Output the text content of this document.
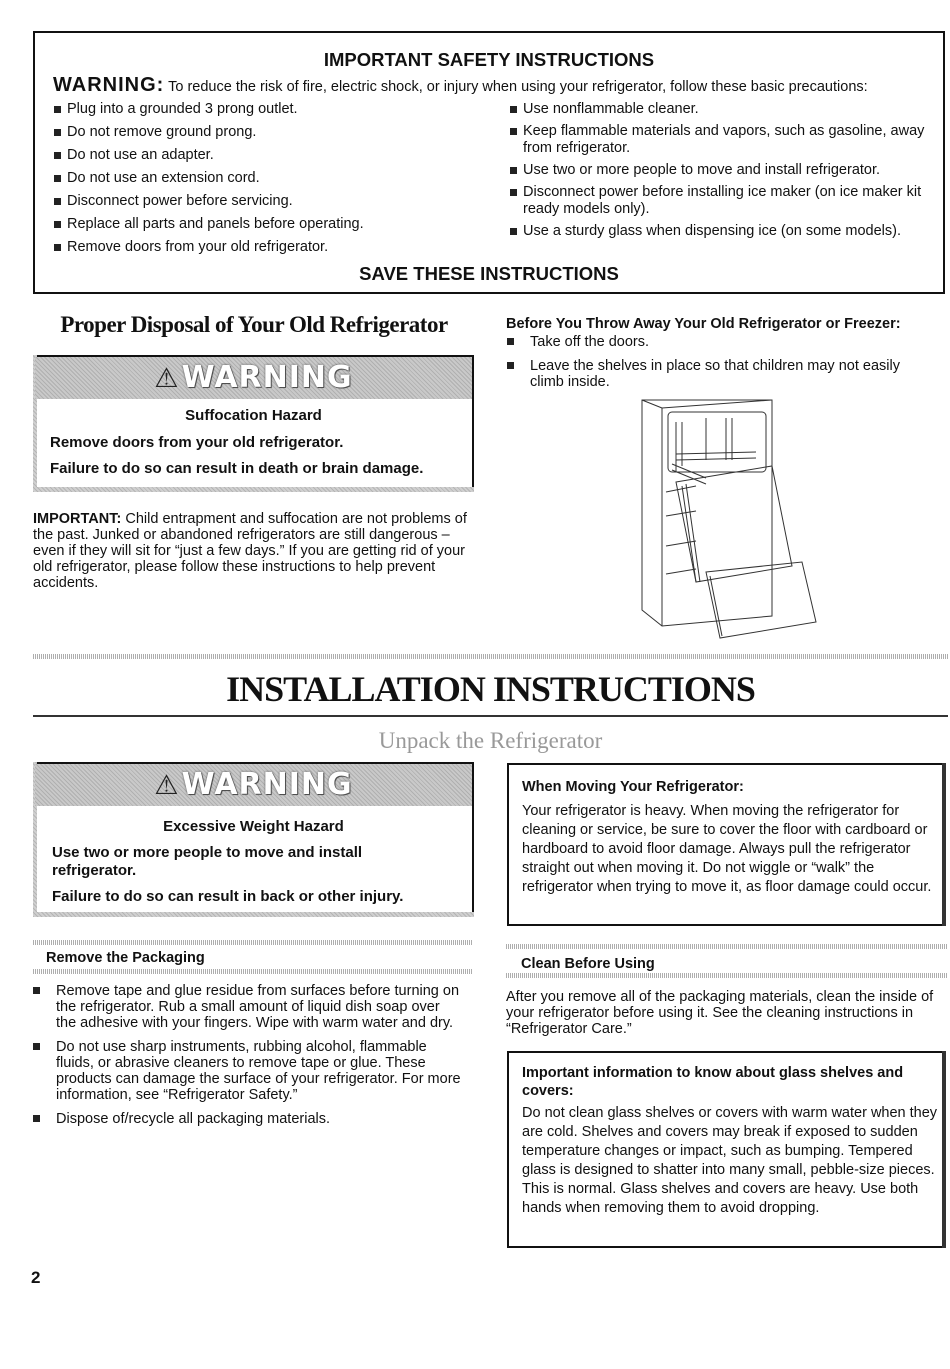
IMPORTANT SAFETY INSTRUCTIONS
WARNING: To reduce the risk of fire, electric shock, or injury when using your refrigerator, follow these basic precautions:
Plug into a grounded 3 prong outlet.
Do not remove ground prong.
Do not use an adapter.
Do not use an extension cord.
Disconnect power before servicing.
Replace all parts and panels before operating.
Remove doors from your old refrigerator.
Use nonflammable cleaner.
Keep flammable materials and vapors, such as gasoline, away from refrigerator.
Use two or more people to move and install refrigerator.
Disconnect power before installing ice maker (on ice maker kit ready models only).
Use a sturdy glass when dispensing ice (on some models).
SAVE THESE INSTRUCTIONS
Proper Disposal of Your Old Refrigerator
⚠WARNING
Suffocation Hazard
Remove doors from your old refrigerator.
Failure to do so can result in death or brain damage.
IMPORTANT: Child entrapment and suffocation are not problems of the past. Junked or abandoned refrigerators are still dangerous – even if they will sit for “just a few days.” If you are getting rid of your old refrigerator, please follow these instructions to help prevent accidents.
Before You Throw Away Your Old Refrigerator or Freezer:
Take off the doors.
Leave the shelves in place so that children may not easily climb inside.
INSTALLATION INSTRUCTIONS
Unpack the Refrigerator
⚠WARNING
Excessive Weight Hazard
Use two or more people to move and install refrigerator.
Failure to do so can result in back or other injury.
When Moving Your Refrigerator:
Your refrigerator is heavy. When moving the refrigerator for cleaning or service, be sure to cover the floor with cardboard or hardboard to avoid floor damage. Always pull the refrigerator straight out when moving it. Do not wiggle or “walk” the refrigerator when trying to move it, as floor damage could occur.
Remove the Packaging
Remove tape and glue residue from surfaces before turning on the refrigerator. Rub a small amount of liquid dish soap over the adhesive with your fingers. Wipe with warm water and dry.
Do not use sharp instruments, rubbing alcohol, flammable fluids, or abrasive cleaners to remove tape or glue. These products can damage the surface of your refrigerator. For more information, see “Refrigerator Safety.”
Dispose of/recycle all packaging materials.
Clean Before Using
After you remove all of the packaging materials, clean the inside of your refrigerator before using it. See the cleaning instructions in “Refrigerator Care.”
Important information to know about glass shelves and covers:
Do not clean glass shelves or covers with warm water when they are cold. Shelves and covers may break if exposed to sudden temperature changes or impact, such as bumping. Tempered glass is designed to shatter into many small, pebble-size pieces. This is normal. Glass shelves and covers are heavy. Use both hands when removing them to avoid dropping.
2
